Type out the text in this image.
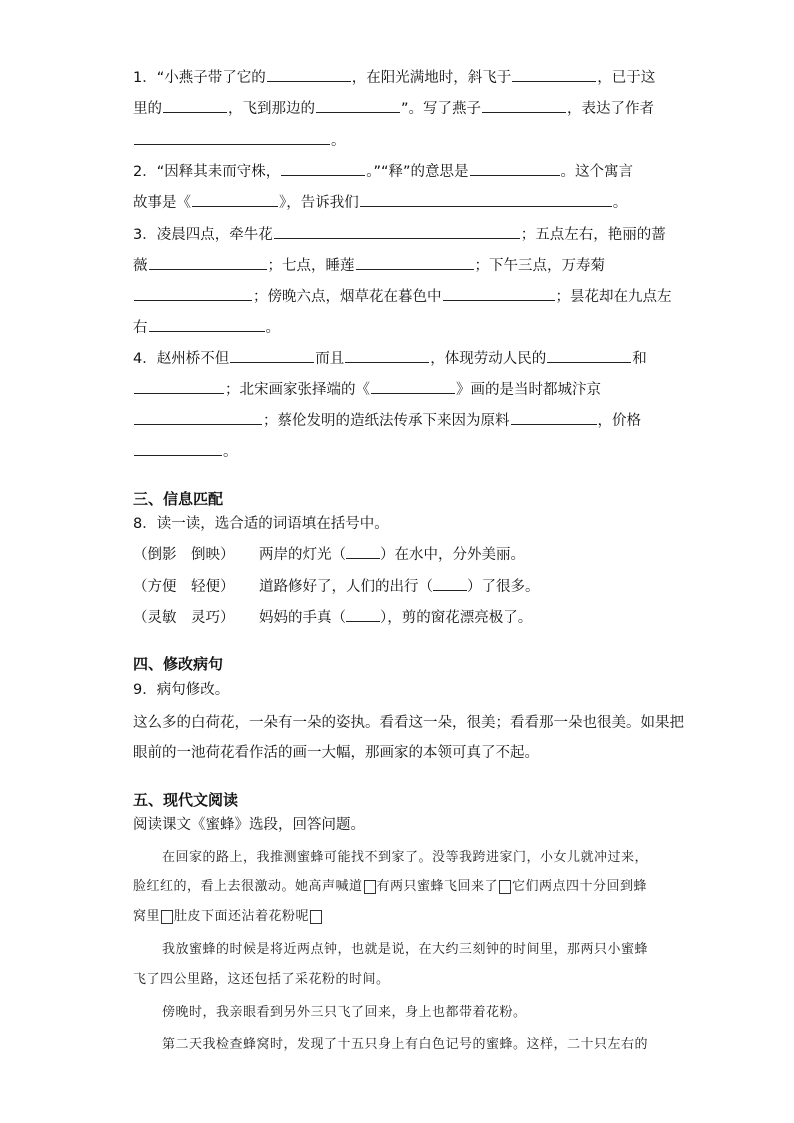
1．“小燕子带了它的	，在阳光满地时，斜飞于	，已于这
里的	，飞到那边的	”。写了燕子	，表达了作者
。
2．“因释其耒而守株，	。”“释”的意思是	。这个寓言
故事是《	》，告诉我们	。
3．凌晨四点，牵牛花	；五点左右，艳丽的蔷
薇	；七点，睡莲	；下午三点，万寿菊
；傍晚六点，烟草花在暮色中	；昙花却在九点左
右	。
4．赵州桥不但	而且	，体现劳动人民的	和
；北宋画家张择端的《	》画的是当时都城汴京
；蔡伦发明的造纸法传承下来因为原料	，价格
。
三、信息匹配
8．读一读，选合适的词语填在括号中。
（倒影　倒映） 两岸的灯光（ ）在水中，分外美丽。
（方便　轻便） 道路修好了，人们的出行（ ）了很多。
（灵敏　灵巧） 妈妈的手真（ ），剪的窗花漂亮极了。
四、修改病句
9．病句修改。
这么多的白荷花，一朵有一朵的姿执。看看这一朵，很美；看看那一朵也很美。如果把
眼前的一池荷花看作活的画一大幅，那画家的本领可真了不起。
五、现代文阅读
阅读课文《蜜蜂》选段，回答问题。
在回家的路上，我推测蜜蜂可能找不到家了。没等我跨进家门，小女儿就冲过来，
脸红红的，看上去很激动。她高声喊道 有两只蜜蜂飞回来了 它们两点四十分回到蜂
窝里 肚皮下面还沾着花粉呢
我放蜜蜂的时候是将近两点钟，也就是说，在大约三刻钟的时间里，那两只小蜜蜂
飞了四公里路，这还包括了采花粉的时间。
傍晚时，我亲眼看到另外三只飞了回来，身上也都带着花粉。
第二天我检查蜂窝时，发现了十五只身上有白色记号的蜜蜂。这样，二十只左右的
